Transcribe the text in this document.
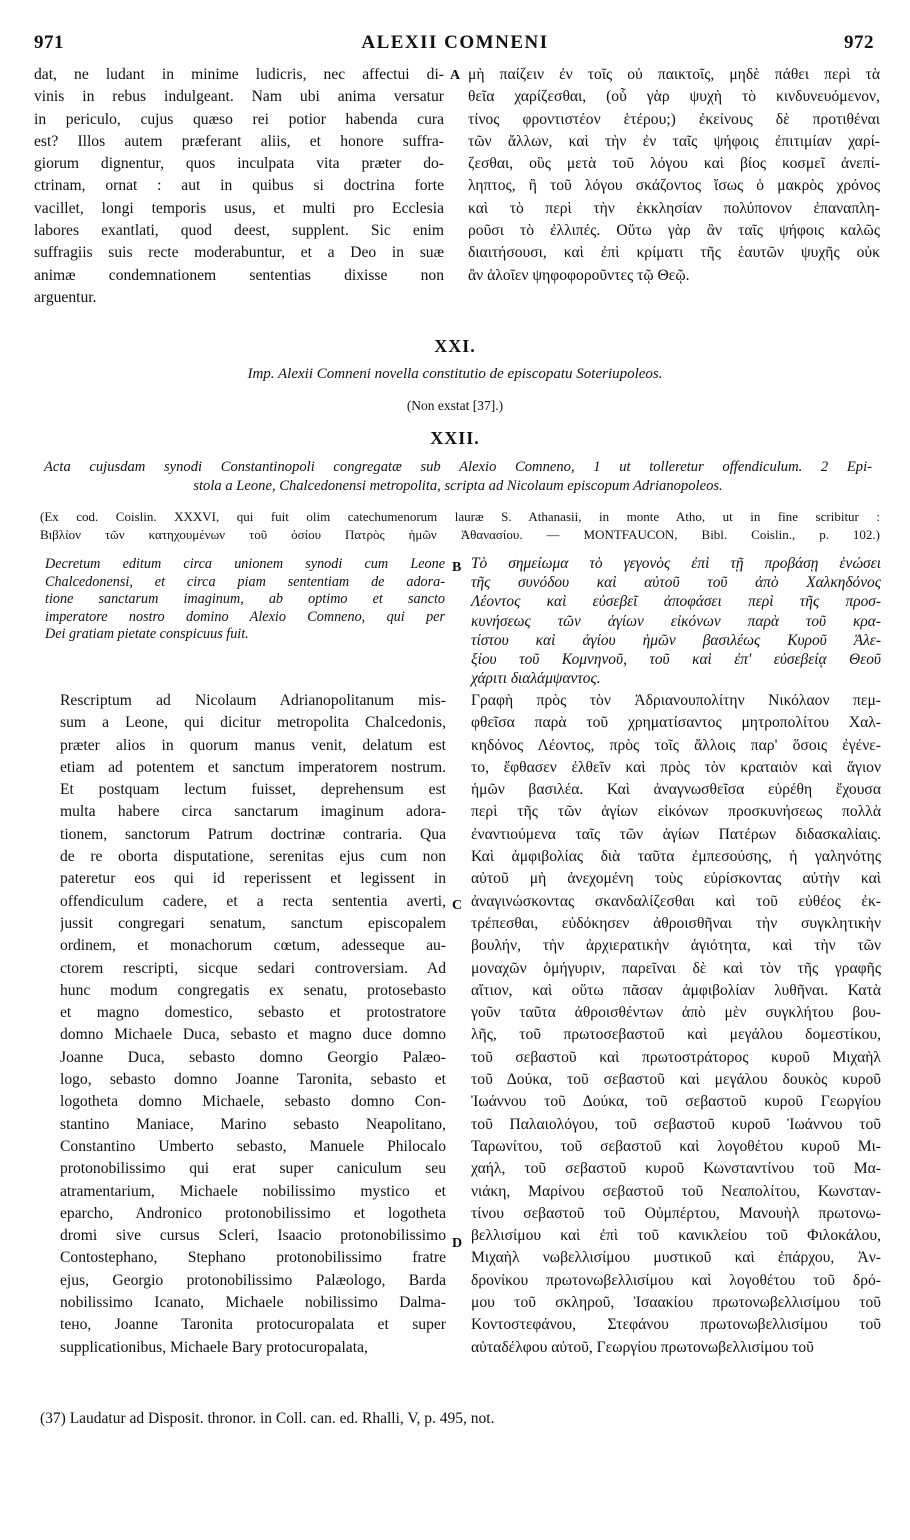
971	ALEXII COMNENI	972
dat, ne ludant in minime ludicris, nec affectui di-
vinis in rebus indulgeant. Nam ubi anima versatur
in periculo, cujus quæso rei potior habenda cura
est? Illos autem præferant aliis, et honore suffra-
giorum dignentur, quos inculpata vita præter do-
ctrinam, ornat : aut in quibus si doctrina forte
vacillet, longi temporis usus, et multi pro Ecclesia
labores exantlati, quod deest, supplent. Sic enim
suffragiis suis recte moderabuntur, et a Deo in suæ
animæ condemnationem sententias dixisse non
arguentur.
A μὴ παίζειν ἐν τοῖς οὐ παικτοῖς, μηδὲ πάθει περὶ τὰ
θεῖα χαρίζεσθαι, (οὗ γὰρ ψυχὴ τὸ κινδυνευόμενον,
τίνος φροντιστέον ἑτέρου;) ἐκείνους δὲ προτιθέναι
τῶν ἄλλων, καὶ τὴν ἐν ταῖς ψήφοις ἐπιτιμίαν χαρί-
ζεσθαι, οὓς μετὰ τοῦ λόγου καὶ βίος κοσμεῖ ἀνεπί-
ληπτος, ἢ τοῦ λόγου σκάζοντος ἴσως ὁ μακρὸς χρόνος
καὶ τὸ περὶ τὴν ἐκκλησίαν πολύπονον ἐπαναπλη-
ροῦσι τὸ ἐλλιπές. Οὕτω γὰρ ἂν ταῖς ψήφοις καλῶς
διαιτήσουσι, καὶ ἐπὶ κρίματι τῆς ἑαυτῶν ψυχῆς οὐκ
ἂν ἁλοῖεν ψηφοφοροῦντες τῷ Θεῷ.
XXI.
Imp. Alexii Comneni novella constitutio de episcopatu Soteriupoleos.
(Non exstat [37].)
XXII.
Acta cujusdam synodi Constantinopoli congregatæ sub Alexio Comneno, 1 ut tolleretur offendiculum. 2 Epi-
stola a Leone, Chalcedonensi metropolita, scripta ad Nicolaum episcopum Adrianopoleos.
(Ex cod. Coislin. XXXVI, qui fuit olim catechumenorum lauræ S. Athanasii, in monte Atho, ut in fine scribitur :
Βιβλίον τῶν κατηχουμένων τοῦ ὁσίου Πατρὸς ἡμῶν Ἀθανασίου. — MONTFAUCON, Bibl. Coislin., p. 102.)
Decretum editum circa unionem synodi cum Leone
Chalcedonensi, et circa piam sententiam de adora-
tione sanctarum imaginum, ab optimo et sancto
imperatore nostro domino Alexio Comneno, qui per
Dei gratiam pietate conspicuus fuit.
B Τὸ σημείωμα τὸ γεγονὸς ἐπὶ τῇ προβάσῃ ἑνώσει
τῆς συνόδου καὶ αὐτοῦ τοῦ ἀπὸ Χαλκηδόνος
Λέοντος καὶ εὐσεβεῖ ἀποφάσει περὶ τῆς προσ-
κυνήσεως τῶν ἁγίων εἰκόνων παρὰ τοῦ κρα-
τίστου καὶ ἁγίου ἡμῶν βασιλέως Κυροῦ Ἀλε-
ξίου τοῦ Κομνηνοῦ, τοῦ καὶ ἐπ' εὐσεβείᾳ Θεοῦ
χάριτι διαλάμψαντος.
Rescriptum ad Nicolaum Adrianopolitanum mis-
sum a Leone, qui dicitur metropolita Chalcedonis,
præter alios in quorum manus venit, delatum est
etiam ad potentem et sanctum imperatorem nostrum.
Et postquam lectum fuisset, deprehensum est
multa habere circa sanctarum imaginum adora-
tionem, sanctorum Patrum doctrinæ contraria. Qua
de re oborta disputatione, serenitas ejus cum non
pateretur eos qui id reperissent et legissent in
offendiculum cadere, et a recta sententia averti,
jussit congregari senatum, sanctum episcopalem
ordinem, et monachorum cœtum, adesseque au-
ctorem rescripti, sicque sedari controversiam. Ad
hunc modum congregatis ex senatu, protosebasto
et magno domestico, sebasto et protostratore
domno Michaele Duca, sebasto et magno duce domno
Joanne Duca, sebasto domno Georgio Palæo-
logo, sebasto domno Joanne Taronita, sebasto et
logotheta domno Michaele, sebasto domno Con-
stantino Maniace, Marino sebasto Neapolitano,
Constantino Umberto sebasto, Manuele Philocalo
protonobilissimo qui erat super caniculum seu
atramentarium, Michaele nobilissimo mystico et
eparcho, Andronico protonobilissimo et logotheta
dromi sive cursus Scleri, Isaacio protonobilissimo
Contostephano, Stephano protonobilissimo fratre
ejus, Georgio protonobilissimo Palæologo, Barda
nobilissimo Icanato, Michaele nobilissimo Dalma-
tено, Joanne Taronita protocuropalata et super
supplicationibus, Michaele Bary protocuropalata,
C
D
Γραφὴ πρὸς τὸν Ἀδριανουπολίτην Νικόλαον πεμ-
φθεῖσα παρὰ τοῦ χρηματίσαντος μητροπολίτου Χαλ-
κηδόνος Λέοντος, πρὸς τοῖς ἄλλοις παρ' ὅσοις ἐγένε-
το, ἔφθασεν ἐλθεῖν καὶ πρὸς τὸν κραταιὸν καὶ ἅγιον
ἡμῶν βασιλέα. Καὶ ἀναγνωσθεῖσα εὑρέθη ἔχουσα
περὶ τῆς τῶν ἁγίων εἰκόνων προσκυνήσεως πολλὰ
ἐναντιούμενα ταῖς τῶν ἁγίων Πατέρων διδασκαλίαις.
Καὶ ἀμφιβολίας διὰ ταῦτα ἐμπεσούσης, ἡ γαληνότης
αὐτοῦ μὴ ἀνεχομένη τοὺς εὑρίσκοντας αὐτὴν καὶ
ἀναγινώσκοντας σκανδαλίζεσθαι καὶ τοῦ εὐθέος ἐκ-
τρέπεσθαι, εὐδόκησεν ἀθροισθῆναι τὴν συγκλητικὴν
βουλήν, τὴν ἀρχιερατικὴν ἁγιότητα, καὶ τὴν τῶν
μοναχῶν ὁμήγυριν, παρεῖναι δὲ καὶ τὸν τῆς γραφῆς
αἴτιον, καὶ οὕτω πᾶσαν ἀμφιβολίαν λυθῆναι. Κατὰ
γοῦν ταῦτα ἀθροισθέντων ἀπὸ μὲν συγκλήτου βου-
λῆς, τοῦ πρωτοσεβαστοῦ καὶ μεγάλου δομεστίκου,
τοῦ σεβαστοῦ καὶ πρωτοστράτορος κυροῦ Μιχαὴλ
τοῦ Δούκα, τοῦ σεβαστοῦ καὶ μεγάλου δουκὸς κυροῦ
Ἰωάννου τοῦ Δούκα, τοῦ σεβαστοῦ κυροῦ Γεωργίου
τοῦ Παλαιολόγου, τοῦ σεβαστοῦ κυροῦ Ἰωάννου τοῦ
Ταρωνίτου, τοῦ σεβαστοῦ καὶ λογοθέτου κυροῦ Μι-
χαήλ, τοῦ σεβαστοῦ κυροῦ Κωνσταντίνου τοῦ Μα-
νιάκη, Μαρίνου σεβαστοῦ τοῦ Νεαπολίτου, Κωνσταν-
τίνου σεβαστοῦ τοῦ Οὐμπέρτου, Μανουὴλ πρωτονω-
βελλισίμου καὶ ἐπὶ τοῦ κανικλείου τοῦ Φιλοκάλου,
Μιχαὴλ νωβελλισίμου μυστικοῦ καὶ ἐπάρχου, Ἀν-
δρονίκου πρωτονωβελλισίμου καὶ λογοθέτου τοῦ δρό-
μου τοῦ σκληροῦ, Ἰσαακίου πρωτονωβελλισίμου τοῦ
Κοντοστεφάνου, Στεφάνου πρωτονωβελλισίμου τοῦ
αὐταδέλφου αὐτοῦ, Γεωργίου πρωτονωβελλισίμου τοῦ
(37) Laudatur ad Disposit. thronor. in Coll. can. ed. Rhalli, V, p. 495, not.
